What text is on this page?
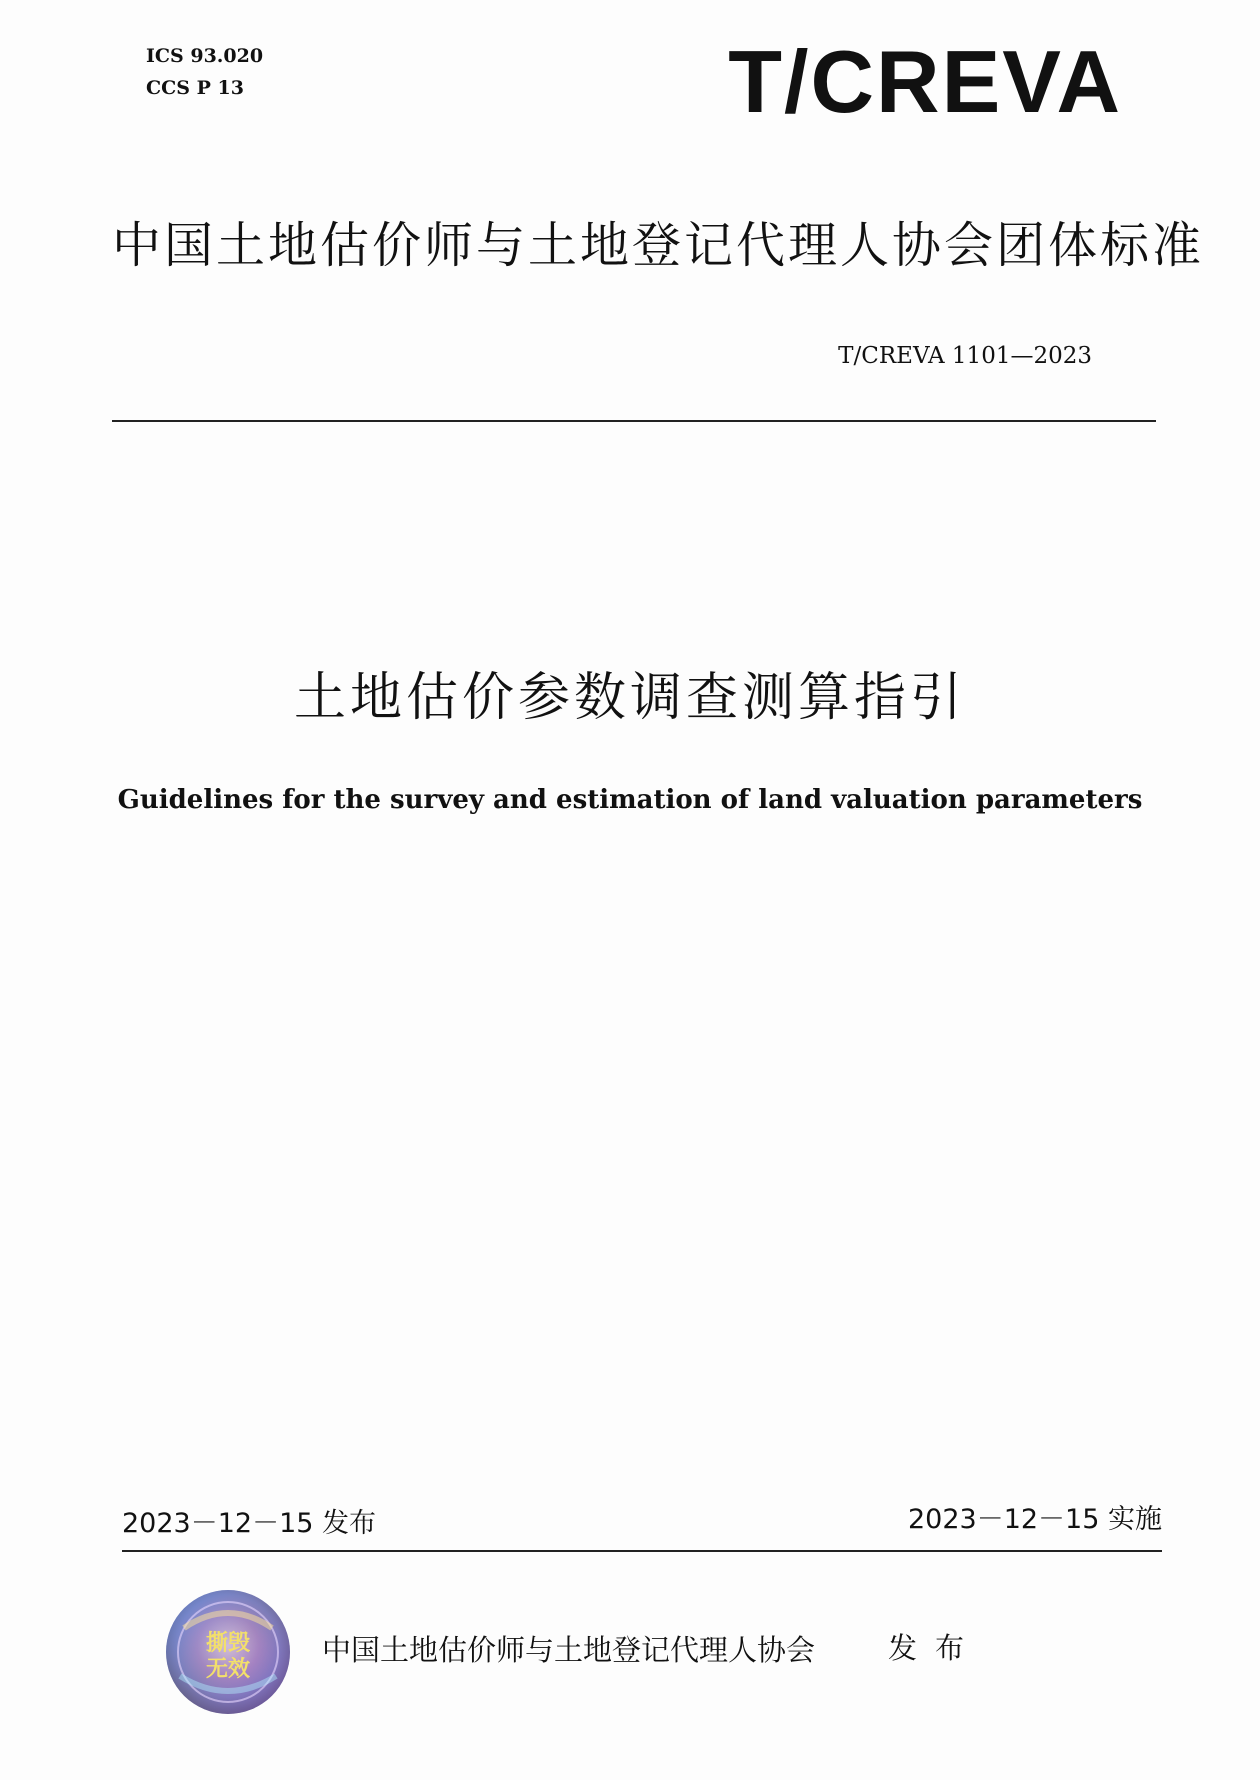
ICS 93.020
CCS P 13	T/CREVA
中国土地估价师与土地登记代理人协会团体标准
T/CREVA 1101—2023
土地估价参数调查测算指引
Guidelines for the survey and estimation of land valuation parameters
2023－12－15 发布	2023－12－15 实施
撕毁
无效
中国土地估价师与土地登记代理人协会	发布
